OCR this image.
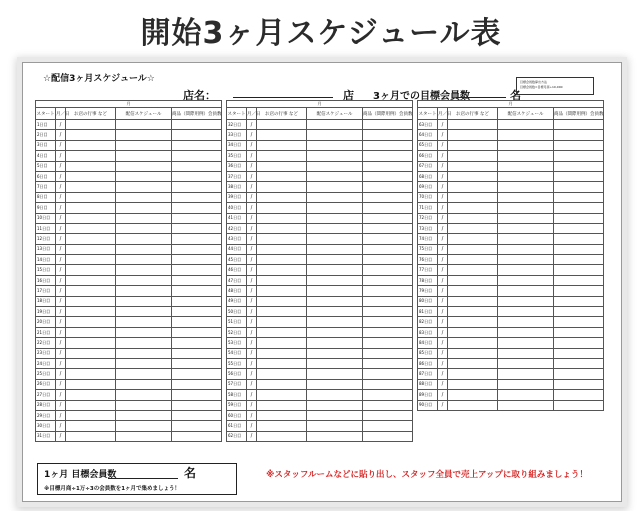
開始3ヶ月スケジュール表
☆配信3ヶ月スケジュール☆
店名：	店 3ヶ月での目標会員数	名
目標会員数算出方法
目標会員数=目標月商÷10,000
月				
スタート	月／日	お店の行事 など	配信スケジュール	商品（間際用例）会員数
1日目	/			
2日目	/			
3日目	/			
4日目	/			
5日目	/			
6日目	/			
7日目	/			
8日目	/			
9日目	/			
10日目	/			
11日目	/			
12日目	/			
13日目	/			
14日目	/			
15日目	/			
16日目	/			
17日目	/			
18日目	/			
19日目	/			
20日目	/			
21日目	/			
22日目	/			
23日目	/			
24日目	/			
25日目	/			
26日目	/			
27日目	/			
28日目	/			
29日目	/			
30日目	/			
31日目	/			
月				
スタート	月／日	お店の行事 など	配信スケジュール	商品（間際用例）会員数
32日目	/			
33日目	/			
34日目	/			
35日目	/			
36日目	/			
37日目	/			
38日目	/			
39日目	/			
40日目	/			
41日目	/			
42日目	/			
43日目	/			
44日目	/			
45日目	/			
46日目	/			
47日目	/			
48日目	/			
49日目	/			
50日目	/			
51日目	/			
52日目	/			
53日目	/			
54日目	/			
55日目	/			
56日目	/			
57日目	/			
58日目	/			
59日目	/			
60日目	/			
61日目	/			
62日目	/			
月				
スタート	月／日	お店の行事 など	配信スケジュール	商品（間際用例）会員数
63日目	/			
64日目	/			
65日目	/			
66日目	/			
67日目	/			
68日目	/			
69日目	/			
70日目	/			
71日目	/			
72日目	/			
73日目	/			
74日目	/			
75日目	/			
76日目	/			
77日目	/			
78日目	/			
79日目	/			
80日目	/			
81日目	/			
82日目	/			
83日目	/			
84日目	/			
85日目	/			
86日目	/			
87日目	/			
88日目	/			
89日目	/			
90日目	/			
1ヶ月 目標会員数	名
※目標月商÷1万÷3の会員数を1ヶ月で集めましょう！
※スタッフルームなどに貼り出し、スタッフ全員で売上アップに取り組みましょう！
